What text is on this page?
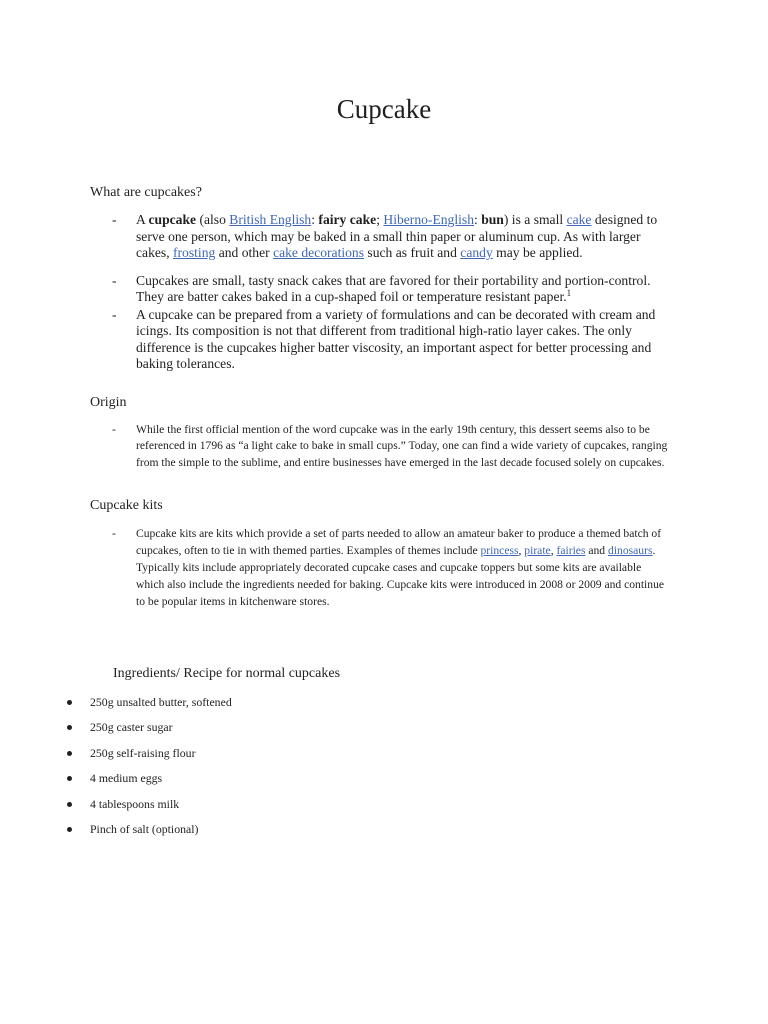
Cupcake
What are cupcakes?
- A cupcake (also British English: fairy cake; Hiberno-English: bun) is a small cake designed to serve one person, which may be baked in a small thin paper or aluminum cup. As with larger cakes, frosting and other cake decorations such as fruit and candy may be applied.
- Cupcakes are small, tasty snack cakes that are favored for their portability and portion-control. They are batter cakes baked in a cup-shaped foil or temperature resistant paper.$^1$
- A cupcake can be prepared from a variety of formulations and can be decorated with cream and icings. Its composition is not that different from traditional high-ratio layer cakes. The only difference is the cupcakes higher batter viscosity, an important aspect for better processing and baking tolerances.
Origin
- While the first official mention of the word cupcake was in the early 19th century, this dessert seems also to be referenced in 1796 as “a light cake to bake in small cups.” Today, one can find a wide variety of cupcakes, ranging from the simple to the sublime, and entire businesses have emerged in the last decade focused solely on cupcakes.
Cupcake kits
- Cupcake kits are kits which provide a set of parts needed to allow an amateur baker to produce a themed batch of cupcakes, often to tie in with themed parties. Examples of themes include princess, pirate, fairies and dinosaurs. Typically kits include appropriately decorated cupcake cases and cupcake toppers but some kits are available which also include the ingredients needed for baking. Cupcake kits were introduced in 2008 or 2009 and continue to be popular items in kitchenware stores.
Ingredients/ Recipe for normal cupcakes
250g unsalted butter, softened
250g caster sugar
250g self-raising flour
4 medium eggs
4 tablespoons milk
Pinch of salt (optional)
